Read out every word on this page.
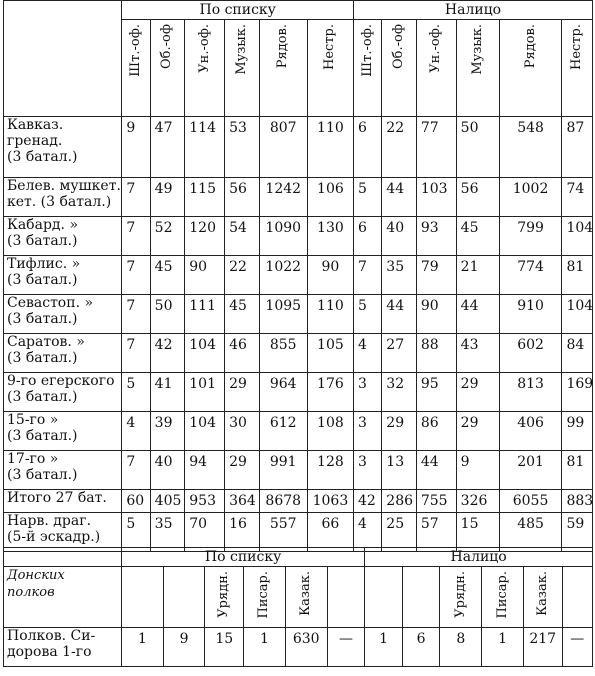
	По списку						Налицо					
	Шт.-оф.	Об.-оф	Ун.-оф.	Музык.	Рядов.	Нестр.	Шт.-оф.	Об.-оф	Ун.-оф.	Музык.	Рядов.	Нестр.

Кавказ.
гренад.
(3 батал.)	9	47	114	53	807	110	6	22	77	50	548	87

Белев. мушкет.
кет. (3 батал.)	7	49	115	56	1242	106	5	44	103	56	1002	74

Кабард. »
(3 батал.)	7	52	120	54	1090	130	6	40	93	45	799	104

Тифлис. »
(3 батал.)	7	45	90	22	1022	90	7	35	79	21	774	81

Севастоп. »
(3 батал.)	7	50	111	45	1095	110	5	44	90	44	910	104

Саратов. »
(3 батал.)	7	42	104	46	855	105	4	27	88	43	602	84

9-го егерского
(3 батал.)	5	41	101	29	964	176	3	32	95	29	813	169

15-го »
(3 батал.)	4	39	104	30	612	108	3	29	86	29	406	99

17-го »
(3 батал.)	7	40	94	29	991	128	3	13	44	9	201	81

Итого 27 бат.	60	405	953	364	8678	1063	42	286	755	326	6055	883

Нарв. драг.
(5-й эскадр.)	5	35	70	16	557	66	4	25	57	15	485	59
	По списку						Налицо					

Донских
полков			Урядн.	Писар.	Казак.				Урядн.	Писар.	Казак.	

Полков. Си-
дорова 1-го	1	9	15	1	630	—	1	6	8	1	217	—
